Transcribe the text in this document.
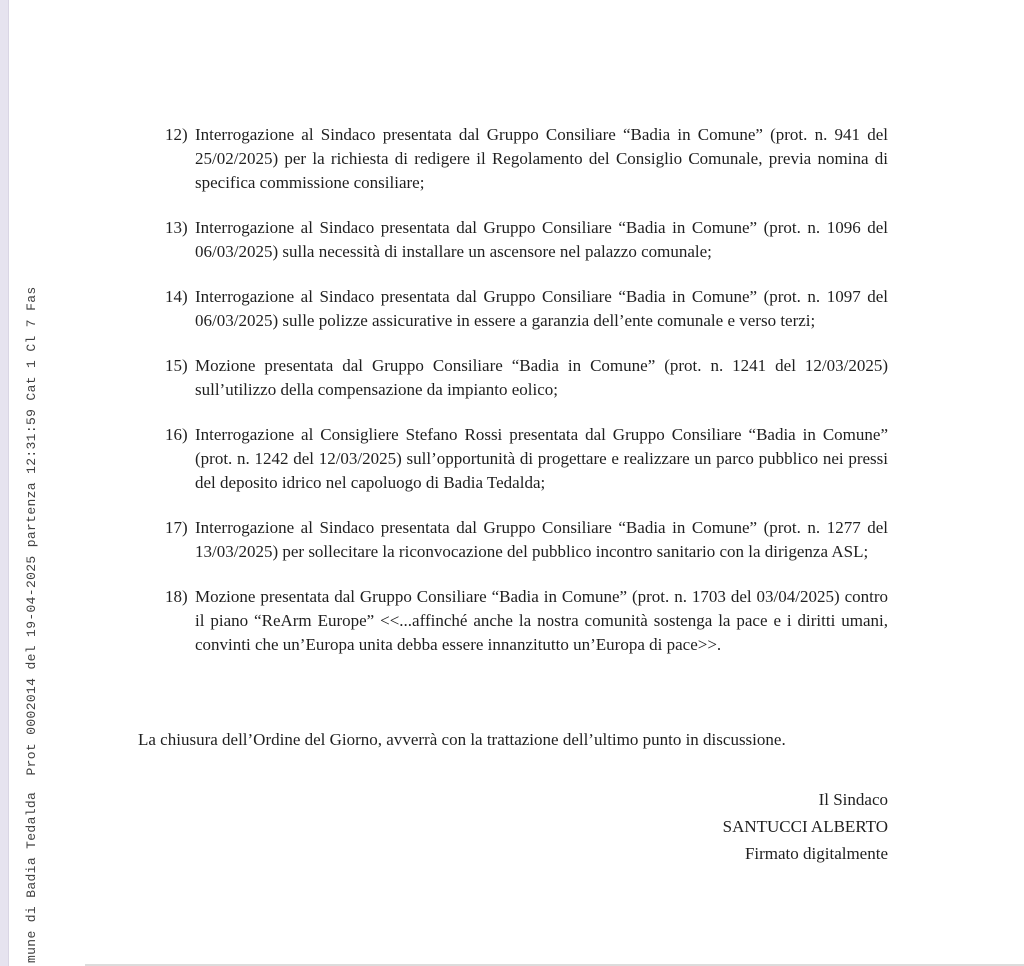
mune di Badia Tedalda  Prot 0002014 del 19-04-2025 partenza 12:31:59 Cat 1 Cl 7 Fas
12) Interrogazione al Sindaco presentata dal Gruppo Consiliare “Badia in Comune” (prot. n. 941 del 25/02/2025) per la richiesta di redigere il Regolamento del Consiglio Comunale, previa nomina di specifica commissione consiliare;
13) Interrogazione al Sindaco presentata dal Gruppo Consiliare “Badia in Comune” (prot. n. 1096 del 06/03/2025) sulla necessità di installare un ascensore nel palazzo comunale;
14) Interrogazione al Sindaco presentata dal Gruppo Consiliare “Badia in Comune” (prot. n. 1097 del 06/03/2025) sulle polizze assicurative in essere a garanzia dell’ente comunale e verso terzi;
15) Mozione presentata dal Gruppo Consiliare “Badia in Comune” (prot. n. 1241 del 12/03/2025) sull’utilizzo della compensazione da impianto eolico;
16) Interrogazione al Consigliere Stefano Rossi presentata dal Gruppo Consiliare “Badia in Comune” (prot. n. 1242 del 12/03/2025) sull’opportunità di progettare e realizzare un parco pubblico nei pressi del deposito idrico nel capoluogo di Badia Tedalda;
17) Interrogazione al Sindaco presentata dal Gruppo Consiliare “Badia in Comune” (prot. n. 1277 del 13/03/2025) per sollecitare la riconvocazione del pubblico incontro sanitario con la dirigenza ASL;
18) Mozione presentata dal Gruppo Consiliare “Badia in Comune” (prot. n. 1703 del 03/04/2025) contro il piano “ReArm Europe” <<...affinché anche la nostra comunità sostenga la pace e i diritti umani, convinti che un’Europa unita debba essere innanzitutto un’Europa di pace>>.

La chiusura dell’Ordine del Giorno, avverrà con la trattazione dell’ultimo punto in discussione.

Il Sindaco
SANTUCCI ALBERTO
Firmato digitalmente
